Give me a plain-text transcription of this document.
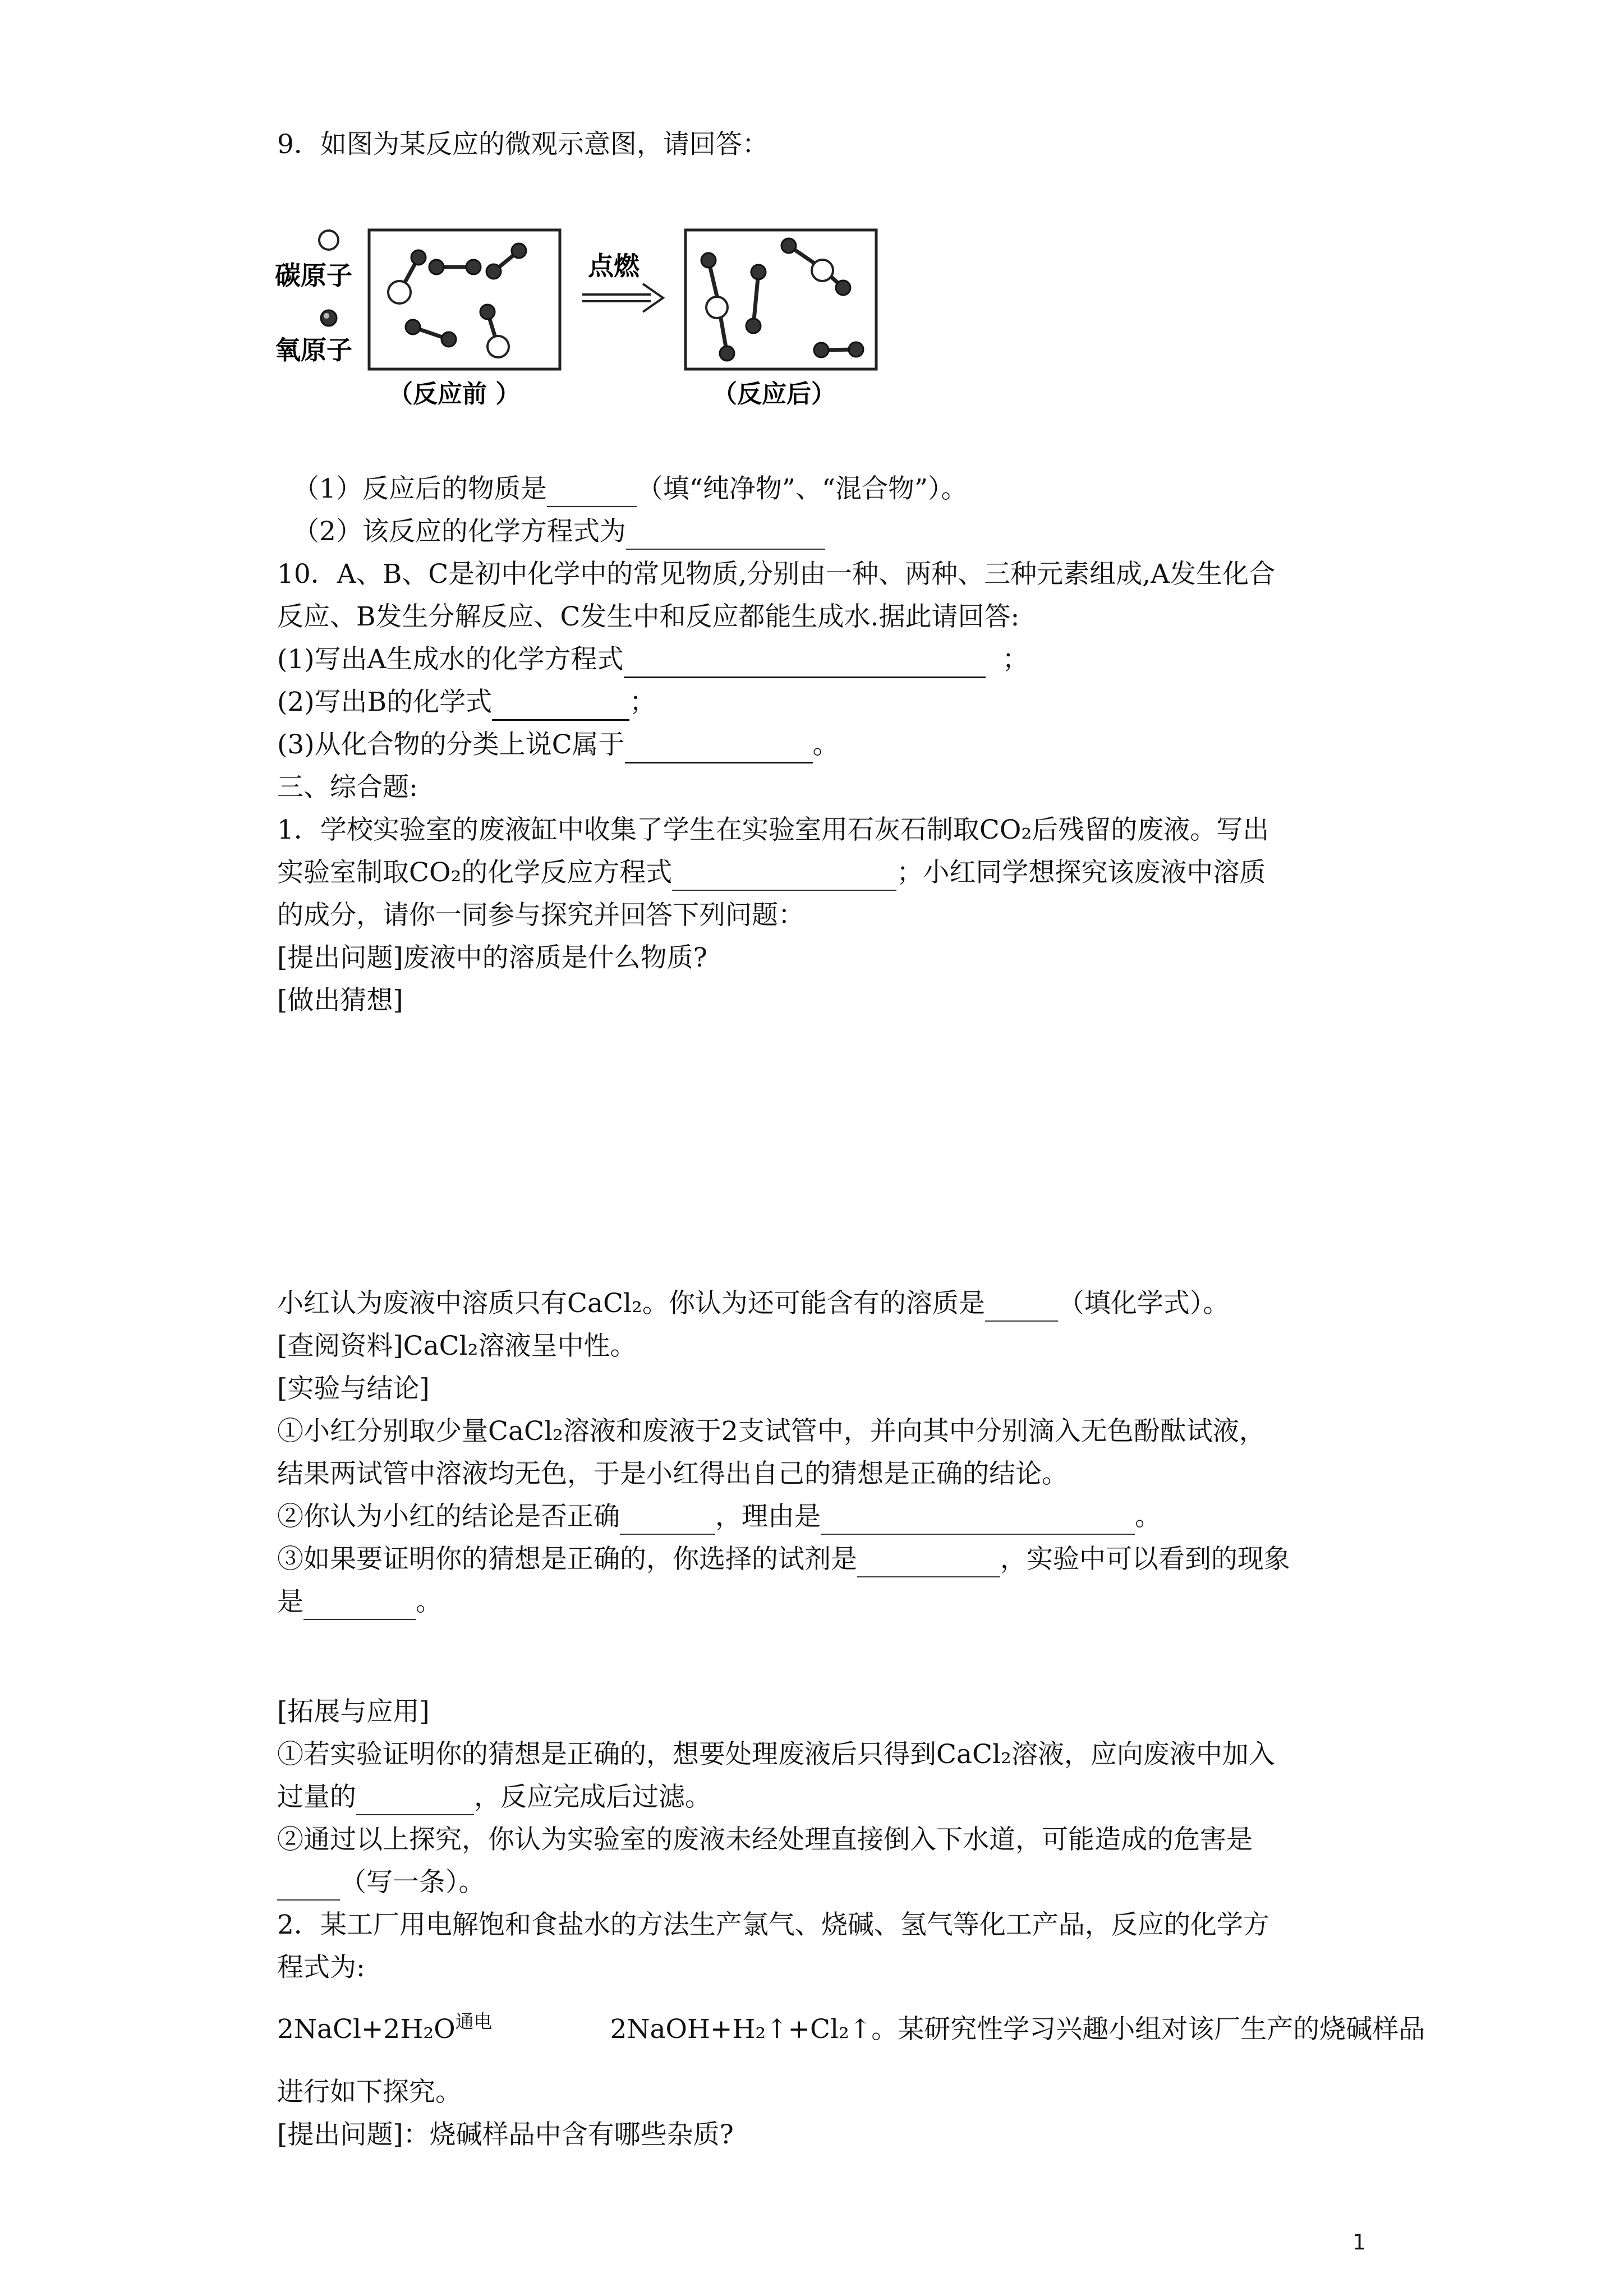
9．如图为某反应的微观示意图，请回答：
碳原子
氧原子
点燃
（反应前 ）	（反应后）
（1）反应后的物质是	（填“纯净物”、“混合物”）。
（2）该反应的化学方程式为
10．A、B、C是初中化学中的常见物质,分别由一种、两种、三种元素组成,A发生化合
反应、B发生分解反应、C发生中和反应都能生成水.据此请回答:
(1)写出A生成水的化学方程式	；
(2)写出B的化学式	；
(3)从化合物的分类上说C属于	。
三、综合题:
1．学校实验室的废液缸中收集了学生在实验室用石灰石制取CO₂后残留的废液。写出
实验室制取CO₂的化学反应方程式	；小红同学想探究该废液中溶质
的成分，请你一同参与探究并回答下列问题：
[提出问题]废液中的溶质是什么物质?
[做出猜想]
小红认为废液中溶质只有CaCl₂。你认为还可能含有的溶质是	（填化学式）。
[查阅资料]CaCl₂溶液呈中性。
[实验与结论]
①小红分别取少量CaCl₂溶液和废液于2支试管中，并向其中分别滴入无色酚酞试液，
结果两试管中溶液均无色，于是小红得出自己的猜想是正确的结论。
②你认为小红的结论是否正确	，理由是	。
③如果要证明你的猜想是正确的，你选择的试剂是	，实验中可以看到的现象
是	。
[拓展与应用]
①若实验证明你的猜想是正确的，想要处理废液后只得到CaCl₂溶液，应向废液中加入
过量的	，反应完成后过滤。
②通过以上探究，你认为实验室的废液未经处理直接倒入下水道，可能造成的危害是
（写一条）。
2．某工厂用电解饱和食盐水的方法生产氯气、烧碱、氢气等化工产品，反应的化学方
程式为:
$2NaCl+2H_2O^{通电}$	2NaOH+H₂↑+Cl₂↑。某研究性学习兴趣小组对该厂生产的烧碱样品
进行如下探究。
[提出问题]：烧碱样品中含有哪些杂质?
1
